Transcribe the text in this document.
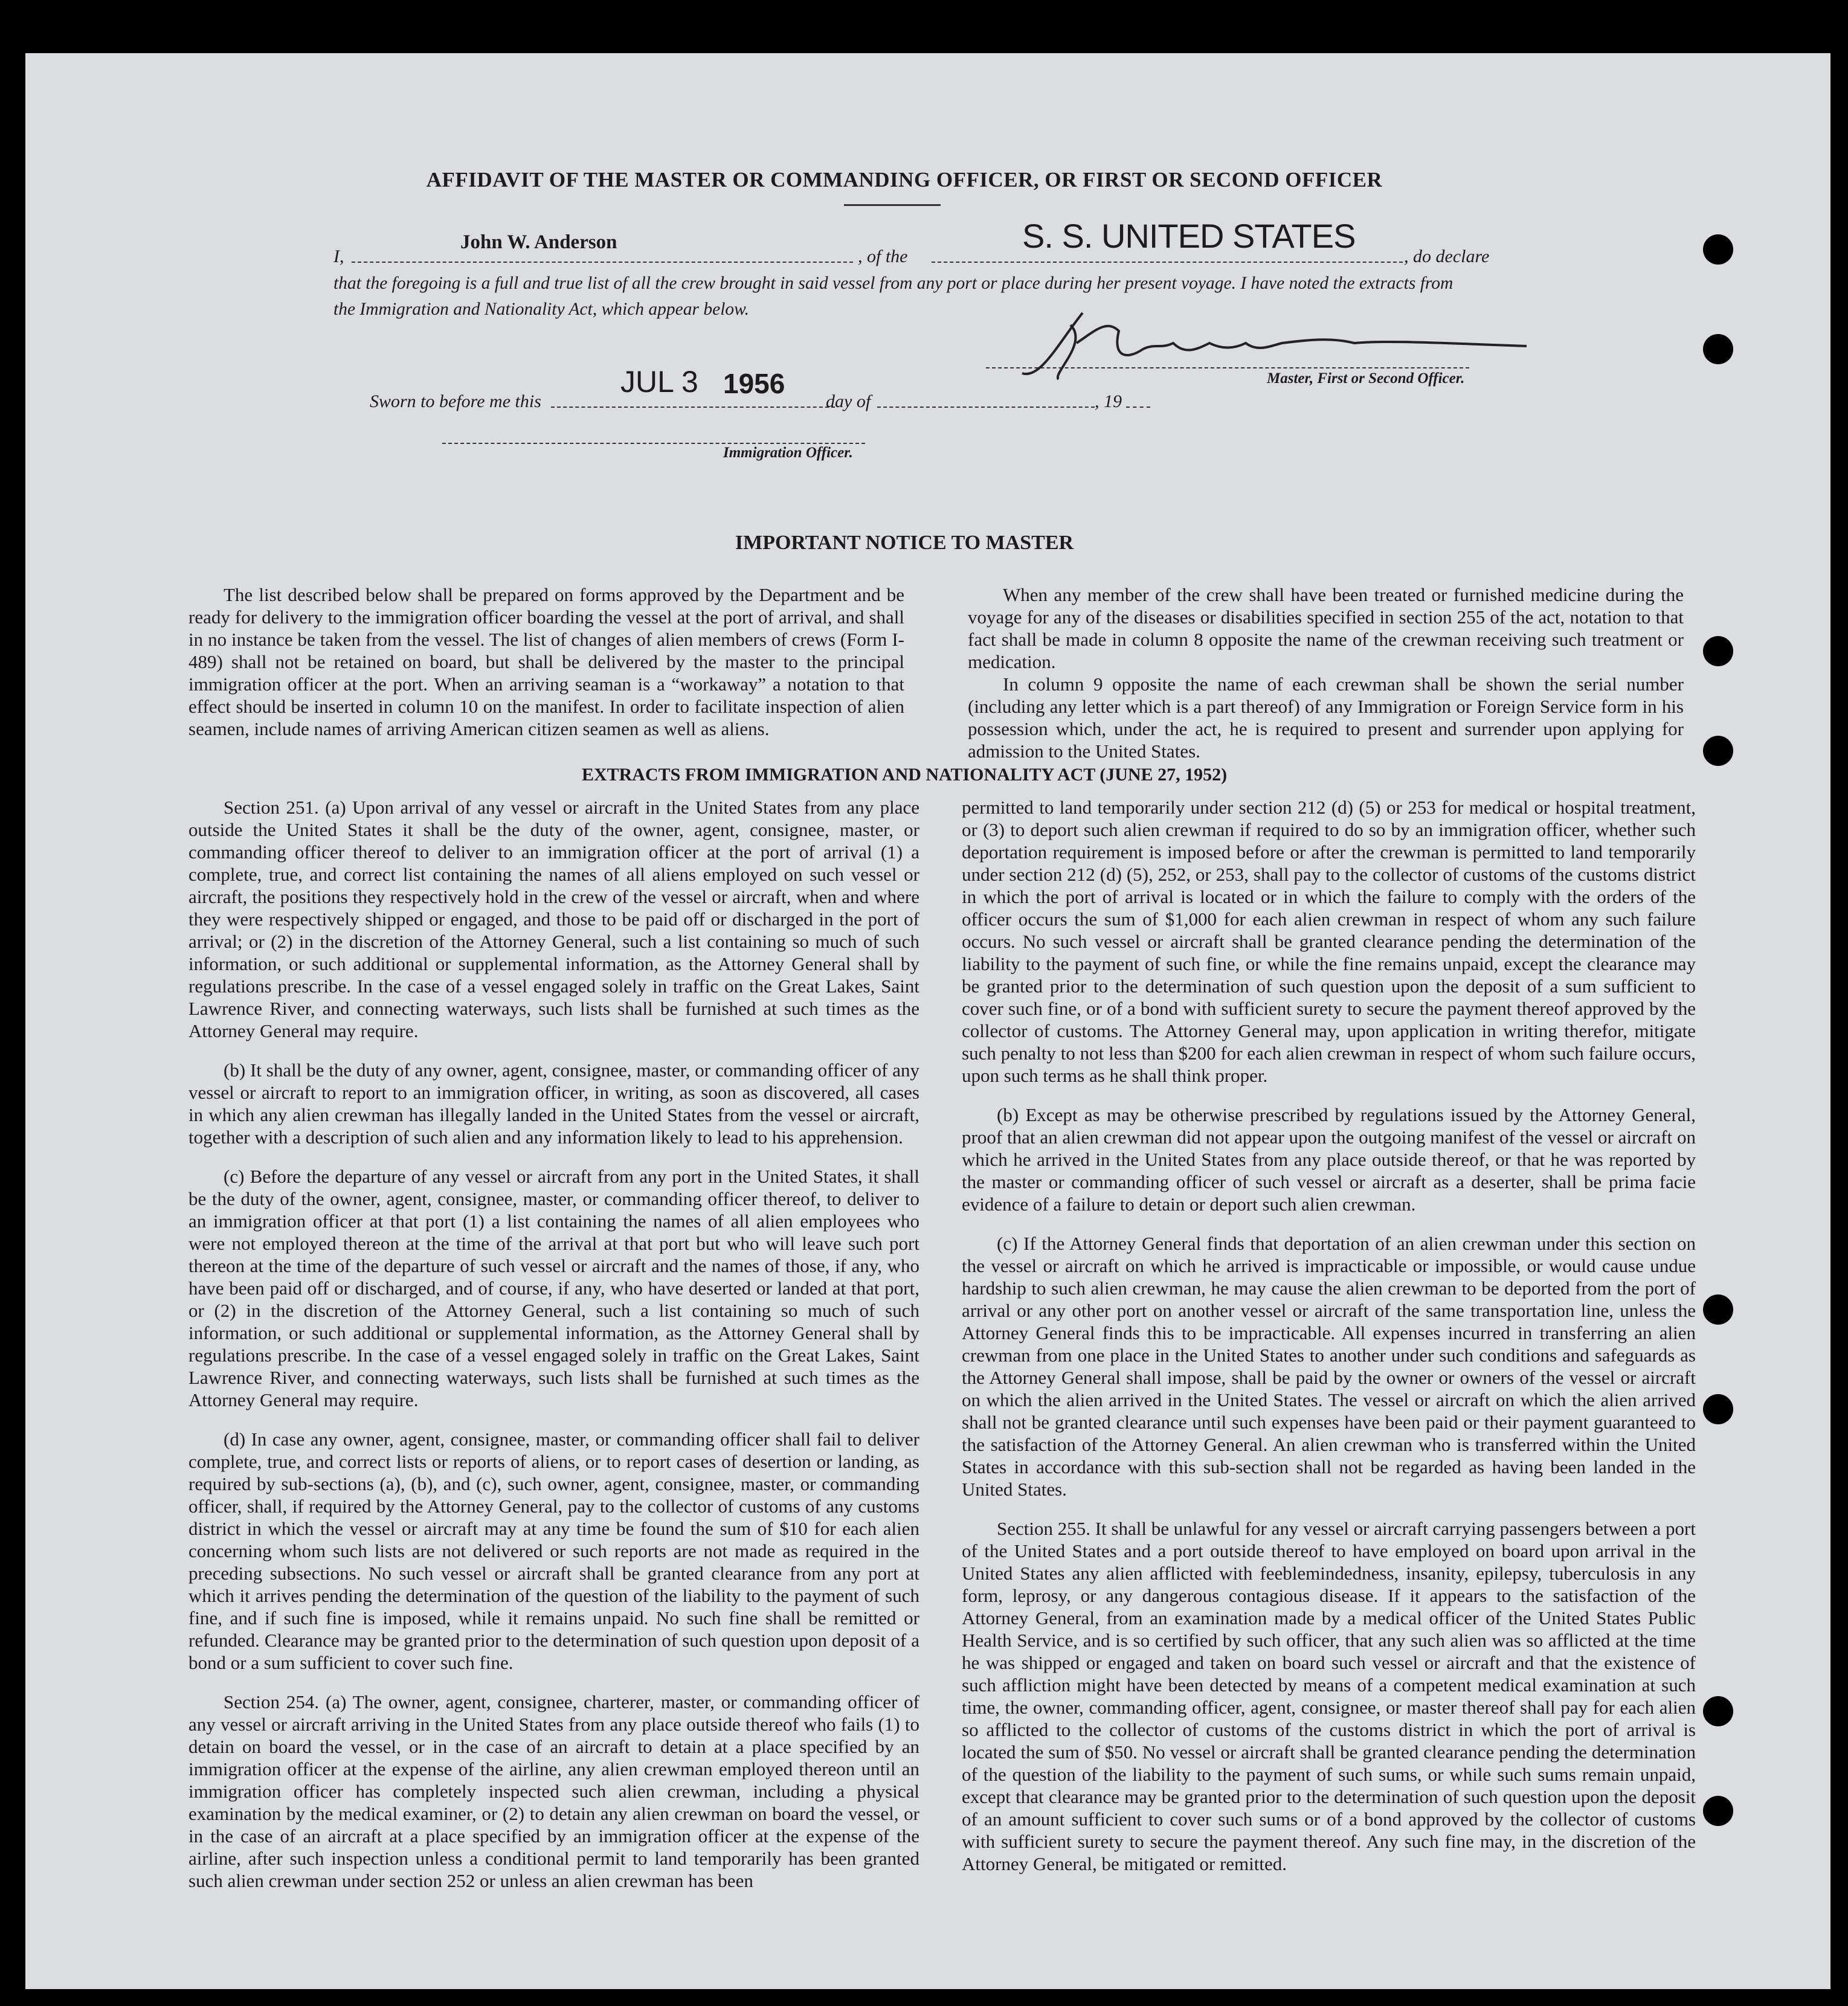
AFFIDAVIT OF THE MASTER OR COMMANDING OFFICER, OR FIRST OR SECOND OFFICER
I,
John W. Anderson
, of the
S. S. UNITED STATES
, do declare
that the foregoing is a full and true list of all the crew brought in said vessel from any port or place during her present voyage. I have noted the extracts from
the Immigration and Nationality Act, which appear below.
Master, First or Second Officer.
Sworn to before me this
JUL 3 1956
day of	, 19
Immigration Officer.
IMPORTANT NOTICE TO MASTER

The list described below shall be prepared on forms approved by the Department and be ready for delivery to the immigration officer boarding the vessel at the port of arrival, and shall in no instance be taken from the vessel. The list of changes of alien members of crews (Form I-489) shall not be retained on board, but shall be delivered by the master to the principal immigration officer at the port. When an arriving seaman is a “workaway” a notation to that effect should be inserted in column 10 on the manifest. In order to facilitate inspection of alien seamen, include names of arriving American citizen seamen as well as aliens.

When any member of the crew shall have been treated or furnished medicine during the voyage for any of the diseases or disabilities specified in section 255 of the act, notation to that fact shall be made in column 8 opposite the name of the crewman receiving such treatment or medication.

In column 9 opposite the name of each crewman shall be shown the serial number (including any letter which is a part thereof) of any Immigration or Foreign Service form in his possession which, under the act, he is required to present and surrender upon applying for admission to the United States.

EXTRACTS FROM IMMIGRATION AND NATIONALITY ACT (JUNE 27, 1952)

Section 251. (a) Upon arrival of any vessel or aircraft in the United States from any place outside the United States it shall be the duty of the owner, agent, consignee, master, or commanding officer thereof to deliver to an immigration officer at the port of arrival (1) a complete, true, and correct list containing the names of all aliens employed on such vessel or aircraft, the positions they respectively hold in the crew of the vessel or aircraft, when and where they were respectively shipped or engaged, and those to be paid off or discharged in the port of arrival; or (2) in the discretion of the Attorney General, such a list containing so much of such information, or such additional or supplemental information, as the Attorney General shall by regulations prescribe. In the case of a vessel engaged solely in traffic on the Great Lakes, Saint Lawrence River, and connecting waterways, such lists shall be furnished at such times as the Attorney General may require.

(b) It shall be the duty of any owner, agent, consignee, master, or commanding officer of any vessel or aircraft to report to an immigration officer, in writing, as soon as discovered, all cases in which any alien crewman has illegally landed in the United States from the vessel or aircraft, together with a description of such alien and any information likely to lead to his apprehension.

(c) Before the departure of any vessel or aircraft from any port in the United States, it shall be the duty of the owner, agent, consignee, master, or commanding officer thereof, to deliver to an immigration officer at that port (1) a list containing the names of all alien employees who were not employed thereon at the time of the arrival at that port but who will leave such port thereon at the time of the departure of such vessel or aircraft and the names of those, if any, who have been paid off or discharged, and of course, if any, who have deserted or landed at that port, or (2) in the discretion of the Attorney General, such a list containing so much of such information, or such additional or supplemental information, as the Attorney General shall by regulations prescribe. In the case of a vessel engaged solely in traffic on the Great Lakes, Saint Lawrence River, and connecting waterways, such lists shall be furnished at such times as the Attorney General may require.

(d) In case any owner, agent, consignee, master, or commanding officer shall fail to deliver complete, true, and correct lists or reports of aliens, or to report cases of desertion or landing, as required by sub-sections (a), (b), and (c), such owner, agent, consignee, master, or commanding officer, shall, if required by the Attorney General, pay to the collector of customs of any customs district in which the vessel or aircraft may at any time be found the sum of $10 for each alien concerning whom such lists are not delivered or such reports are not made as required in the preceding subsections. No such vessel or aircraft shall be granted clearance from any port at which it arrives pending the determination of the question of the liability to the payment of such fine, and if such fine is imposed, while it remains unpaid. No such fine shall be remitted or refunded. Clearance may be granted prior to the determination of such question upon deposit of a bond or a sum sufficient to cover such fine.

Section 254. (a) The owner, agent, consignee, charterer, master, or commanding officer of any vessel or aircraft arriving in the United States from any place outside thereof who fails (1) to detain on board the vessel, or in the case of an aircraft to detain at a place specified by an immigration officer at the expense of the airline, any alien crewman employed thereon until an immigration officer has completely inspected such alien crewman, including a physical examination by the medical examiner, or (2) to detain any alien crewman on board the vessel, or in the case of an aircraft at a place specified by an immigration officer at the expense of the airline, after such inspection unless a conditional permit to land temporarily has been granted such alien crewman under section 252 or unless an alien crewman has been

permitted to land temporarily under section 212 (d) (5) or 253 for medical or hospital treatment, or (3) to deport such alien crewman if required to do so by an immigration officer, whether such deportation requirement is imposed before or after the crewman is permitted to land temporarily under section 212 (d) (5), 252, or 253, shall pay to the collector of customs of the customs district in which the port of arrival is located or in which the failure to comply with the orders of the officer occurs the sum of $1,000 for each alien crewman in respect of whom any such failure occurs. No such vessel or aircraft shall be granted clearance pending the determination of the liability to the payment of such fine, or while the fine remains unpaid, except the clearance may be granted prior to the determination of such question upon the deposit of a sum sufficient to cover such fine, or of a bond with sufficient surety to secure the payment thereof approved by the collector of customs. The Attorney General may, upon application in writing therefor, mitigate such penalty to not less than $200 for each alien crewman in respect of whom such failure occurs, upon such terms as he shall think proper.

(b) Except as may be otherwise prescribed by regulations issued by the Attorney General, proof that an alien crewman did not appear upon the outgoing manifest of the vessel or aircraft on which he arrived in the United States from any place outside thereof, or that he was reported by the master or commanding officer of such vessel or aircraft as a deserter, shall be prima facie evidence of a failure to detain or deport such alien crewman.

(c) If the Attorney General finds that deportation of an alien crewman under this section on the vessel or aircraft on which he arrived is impracticable or impossible, or would cause undue hardship to such alien crewman, he may cause the alien crewman to be deported from the port of arrival or any other port on another vessel or aircraft of the same transportation line, unless the Attorney General finds this to be impracticable. All expenses incurred in transferring an alien crewman from one place in the United States to another under such conditions and safeguards as the Attorney General shall impose, shall be paid by the owner or owners of the vessel or aircraft on which the alien arrived in the United States. The vessel or aircraft on which the alien arrived shall not be granted clearance until such expenses have been paid or their payment guaranteed to the satisfaction of the Attorney General. An alien crewman who is transferred within the United States in accordance with this sub-section shall not be regarded as having been landed in the United States.

Section 255. It shall be unlawful for any vessel or aircraft carrying passengers between a port of the United States and a port outside thereof to have employed on board upon arrival in the United States any alien afflicted with feeblemindedness, insanity, epilepsy, tuberculosis in any form, leprosy, or any dangerous contagious disease. If it appears to the satisfaction of the Attorney General, from an examination made by a medical officer of the United States Public Health Service, and is so certified by such officer, that any such alien was so afflicted at the time he was shipped or engaged and taken on board such vessel or aircraft and that the existence of such affliction might have been detected by means of a competent medical examination at such time, the owner, commanding officer, agent, consignee, or master thereof shall pay for each alien so afflicted to the collector of customs of the customs district in which the port of arrival is located the sum of $50. No vessel or aircraft shall be granted clearance pending the determination of the question of the liability to the payment of such sums, or while such sums remain unpaid, except that clearance may be granted prior to the determination of such question upon the deposit of an amount sufficient to cover such sums or of a bond approved by the collector of customs with sufficient surety to secure the payment thereof. Any such fine may, in the discretion of the Attorney General, be mitigated or remitted.
